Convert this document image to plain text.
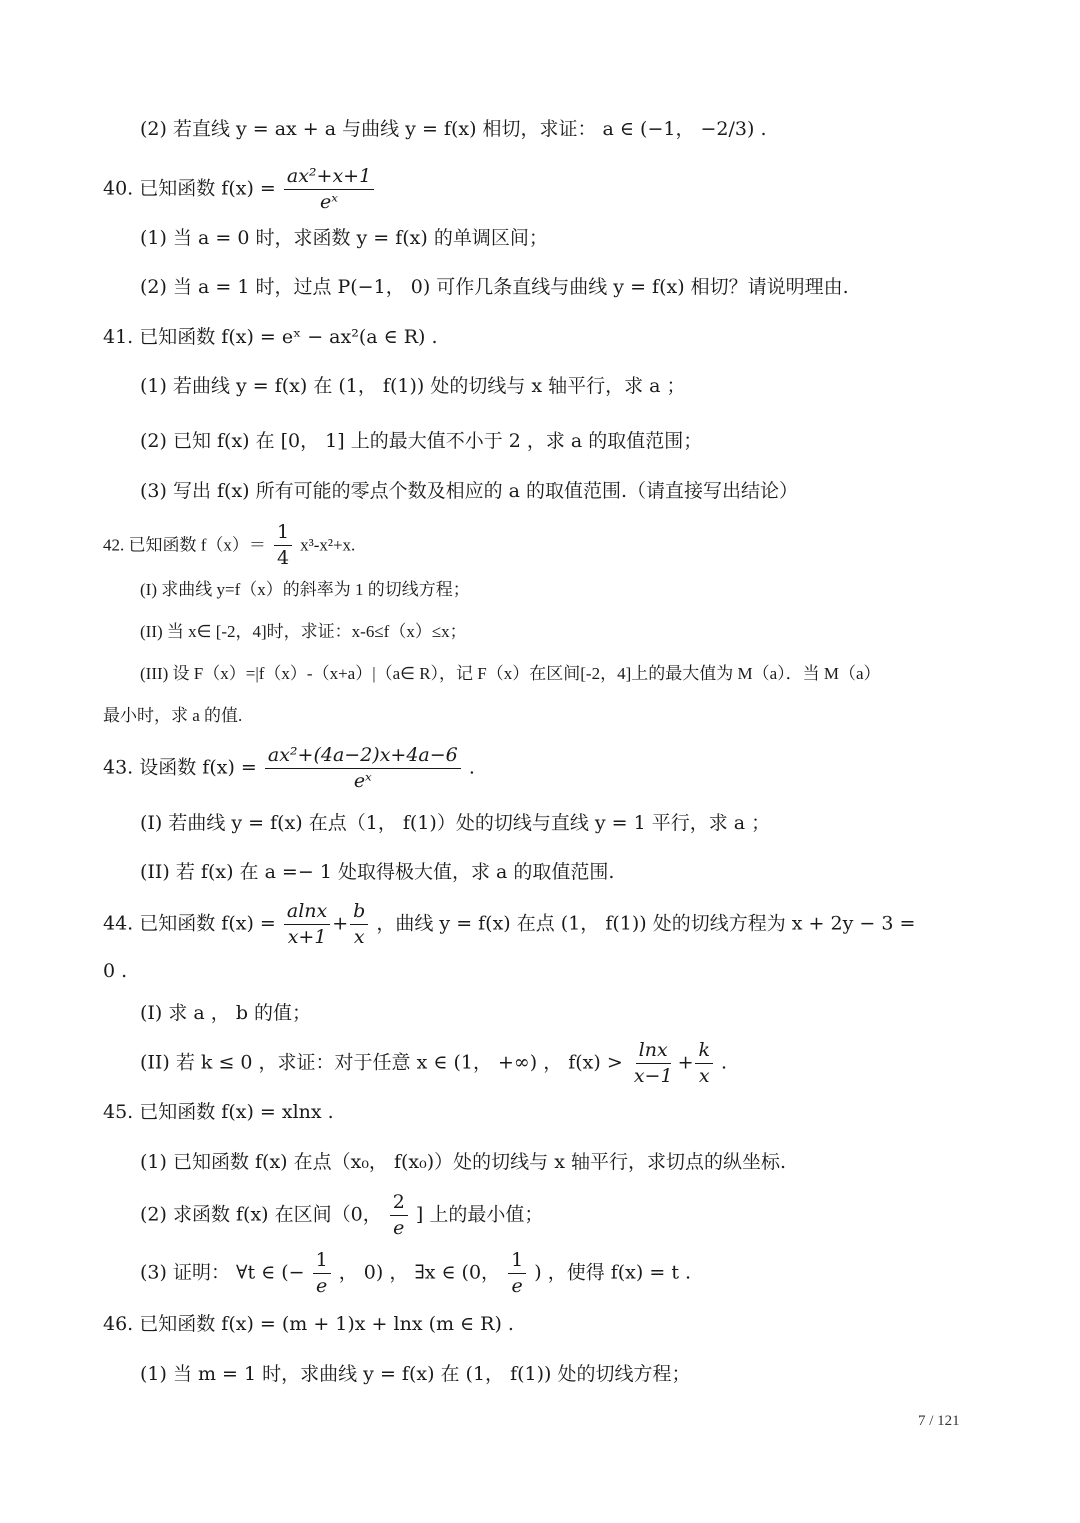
(2) 若直线 y = ax + a 与曲线 y = f(x) 相切，求证： a ∈ (−1， −2/3) .
40. 已知函数 $f(x) = \frac{\text{ax²+x+1}}{\text{eˣ}}$
(1) 当 a = 0 时，求函数 y = f(x) 的单调区间；
(2) 当 a = 1 时，过点 P(−1， 0) 可作几条直线与曲线 y = f(x) 相切？请说明理由.
41. 已知函数 f(x) = eˣ − ax²(a ∈ R) .
(1) 若曲线 y = f(x) 在 (1， f(1)) 处的切线与 x 轴平行，求 a ；
(2) 已知 f(x) 在 [0， 1] 上的最大值不小于 2 ，求 a 的取值范围；
(3) 写出 f(x) 所有可能的零点个数及相应的 a 的取值范围.（请直接写出结论）
42. 已知函数 $f(x)= \frac{1}{4} x^3-x^2+x$.
(I) 求曲线 y=f（x）的斜率为 1 的切线方程；
(II) 当 x∈ [-2，4]时，求证：x-6≤f（x）≤x；
(III) 设 F（x）=|f（x）-（x+a）|（a∈ R），记 F（x）在区间[-2，4]上的最大值为 M（a）．当 M（a）
最小时，求 a 的值.
43. 设函数 $f(x) = \frac{\text{ax²+(4a−2)x+4a−6}}{\text{eˣ}}$ .
(I) 若曲线 y = f(x) 在点（1， f(1)）处的切线与直线 y = 1 平行，求 a ；
(II) 若 f(x) 在 a =− 1 处取得极大值，求 a 的取值范围.
44. 已知函数 $f(x) = \frac{alnx}{x+1} + \frac{b}{x}$ ，曲线 y = f(x) 在点 (1， f(1)) 处的切线方程为 x + 2y − 3 =
0 .
(I) 求 a ， b 的值；
(II) 若 k ≤ 0 ，求证：对于任意 x ∈ (1， +∞) ， $f(x) > \frac{\ln x}{x-1} + \frac{k}{x}$ .
45. 已知函数 f(x) = xlnx .
(1) 已知函数 f(x) 在点（x₀， f(x₀)）处的切线与 x 轴平行，求切点的纵坐标.
(2) 求函数 f(x) 在区间（0， $\frac{2}{e}$ ] 上的最小值；
(3) 证明： ∀t ∈ (− $\frac{1}{e}$ ， 0) ， ∃x ∈ (0， $\frac{1}{e}$ ) ，使得 f(x) = t .
46. 已知函数 f(x) = (m + 1)x + lnx (m ∈ R) .
(1) 当 m = 1 时，求曲线 y = f(x) 在 (1， f(1)) 处的切线方程；
7 / 121
